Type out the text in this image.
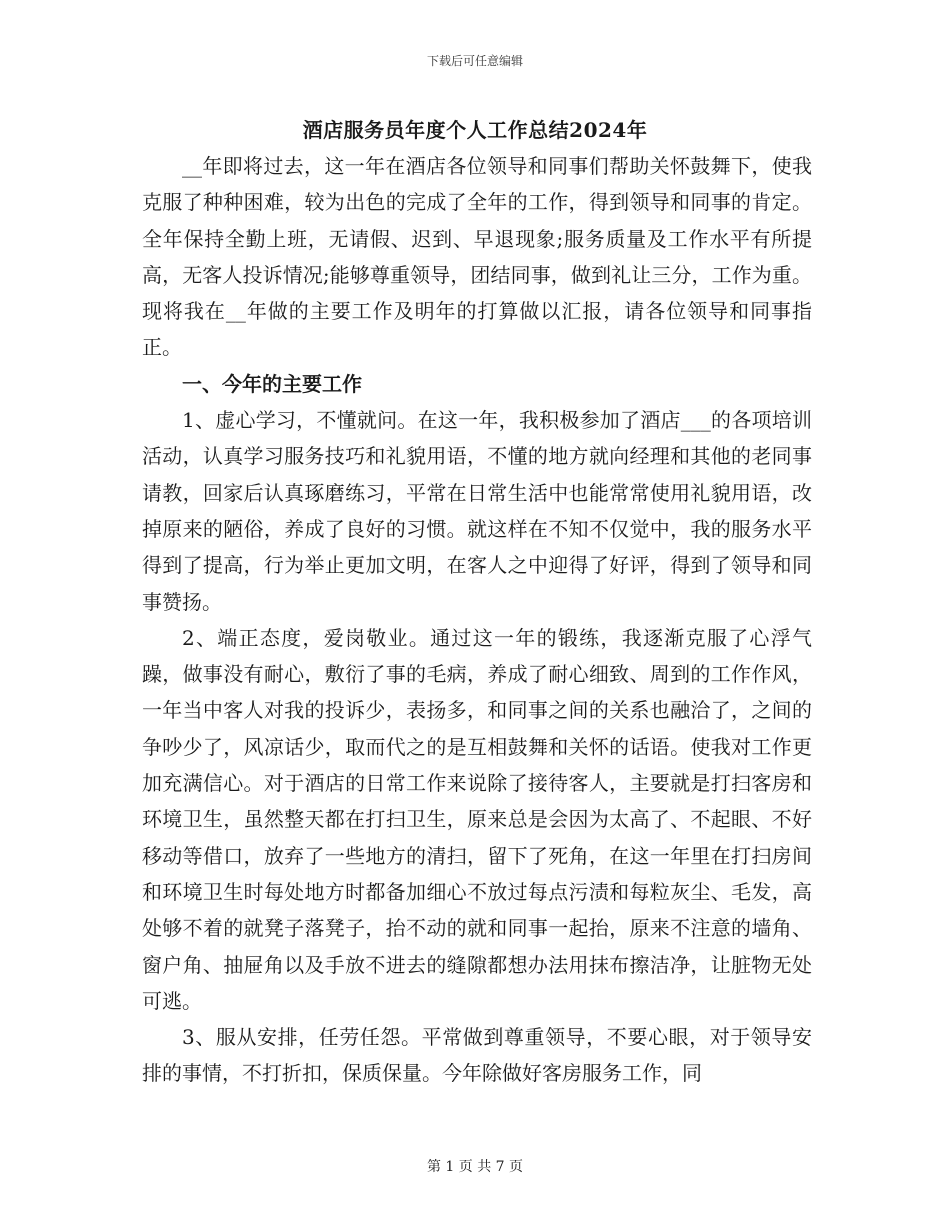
下载后可任意编辑
酒店服务员年度个人工作总结2024年

__年即将过去，这一年在酒店各位领导和同事们帮助关怀鼓舞下，使我克服了种种困难，较为出色的完成了全年的工作，得到领导和同事的肯定。全年保持全勤上班，无请假、迟到、早退现象;服务质量及工作水平有所提高，无客人投诉情况;能够尊重领导，团结同事，做到礼让三分，工作为重。现将我在__年做的主要工作及明年的打算做以汇报，请各位领导和同事指正。

一、今年的主要工作

1、虚心学习，不懂就问。在这一年，我积极参加了酒店___的各项培训活动，认真学习服务技巧和礼貌用语，不懂的地方就向经理和其他的老同事请教，回家后认真琢磨练习，平常在日常生活中也能常常使用礼貌用语，改掉原来的陋俗，养成了良好的习惯。就这样在不知不仅觉中，我的服务水平得到了提高，行为举止更加文明，在客人之中迎得了好评，得到了领导和同事赞扬。

2、端正态度，爱岗敬业。通过这一年的锻练，我逐渐克服了心浮气躁，做事没有耐心，敷衍了事的毛病，养成了耐心细致、周到的工作作风，一年当中客人对我的投诉少，表扬多，和同事之间的关系也融洽了，之间的争吵少了，风凉话少，取而代之的是互相鼓舞和关怀的话语。使我对工作更加充满信心。对于酒店的日常工作来说除了接待客人，主要就是打扫客房和环境卫生，虽然整天都在打扫卫生，原来总是会因为太高了、不起眼、不好移动等借口，放弃了一些地方的清扫，留下了死角，在这一年里在打扫房间和环境卫生时每处地方时都备加细心不放过每点污渍和每粒灰尘、毛发，高处够不着的就凳子落凳子，抬不动的就和同事一起抬，原来不注意的墙角、窗户角、抽屉角以及手放不进去的缝隙都想办法用抹布擦洁净，让脏物无处可逃。

3、服从安排，任劳任怨。平常做到尊重领导，不要心眼，对于领导安排的事情，不打折扣，保质保量。今年除做好客房服务工作，同

第 1 页 共 7 页
